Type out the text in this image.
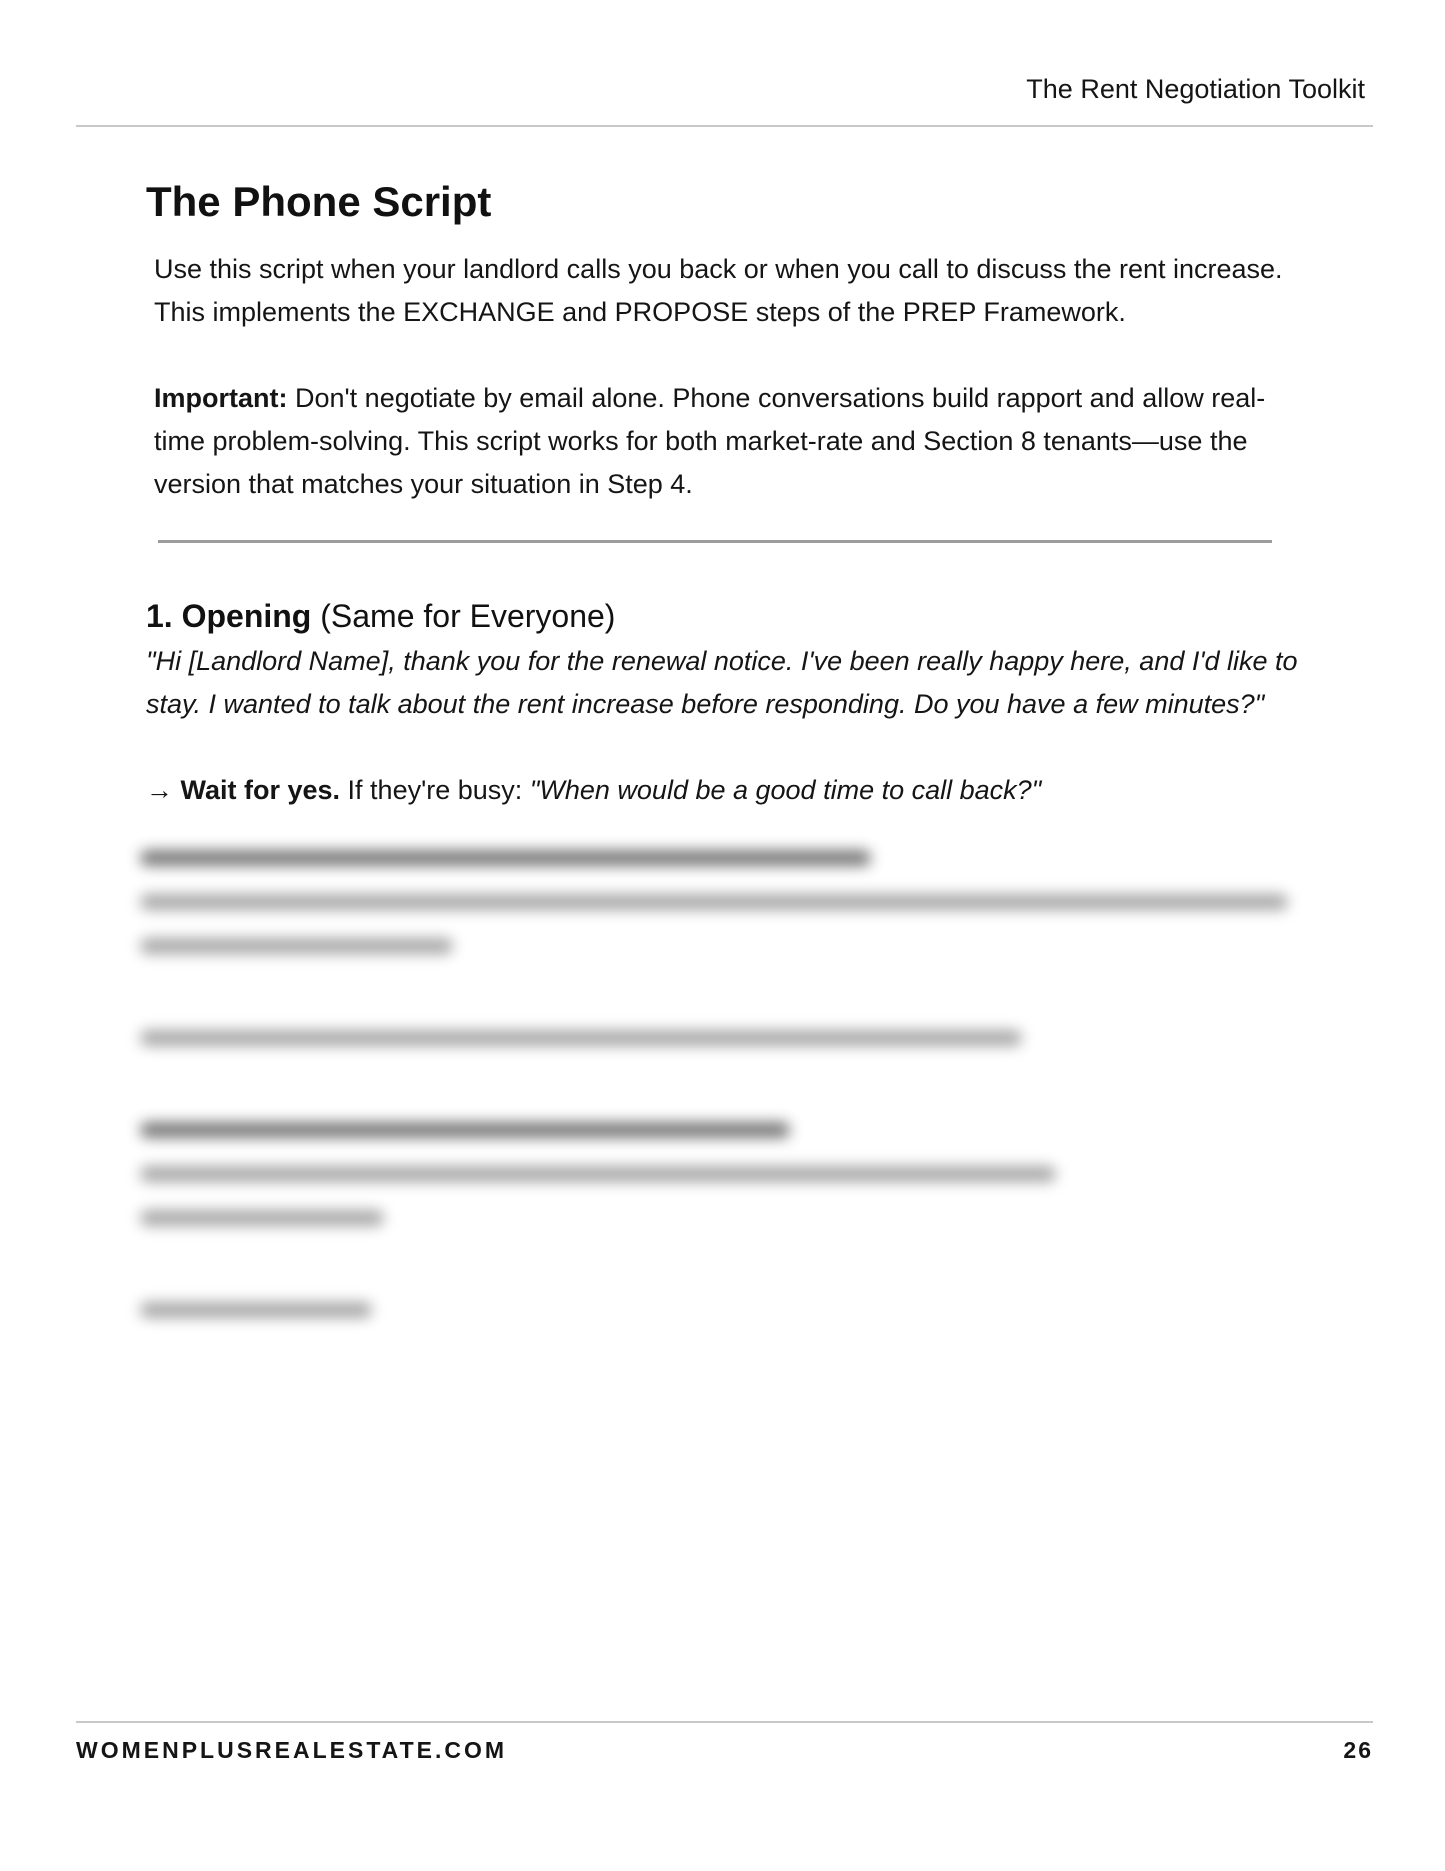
The Rent Negotiation Toolkit
The Phone Script

Use this script when your landlord calls you back or when you call to discuss the rent increase. This implements the EXCHANGE and PROPOSE steps of the PREP Framework.

Important: Don't negotiate by email alone. Phone conversations build rapport and allow real-time problem-solving. This script works for both market-rate and Section 8 tenants—use the version that matches your situation in Step 4.

1. Opening (Same for Everyone)

"Hi [Landlord Name], thank you for the renewal notice. I've been really happy here, and I'd like to stay. I wanted to talk about the rent increase before responding. Do you have a few minutes?"

→ Wait for yes. If they're busy: "When would be a good time to call back?"

WOMENPLUSREALESTATE.COM	26
